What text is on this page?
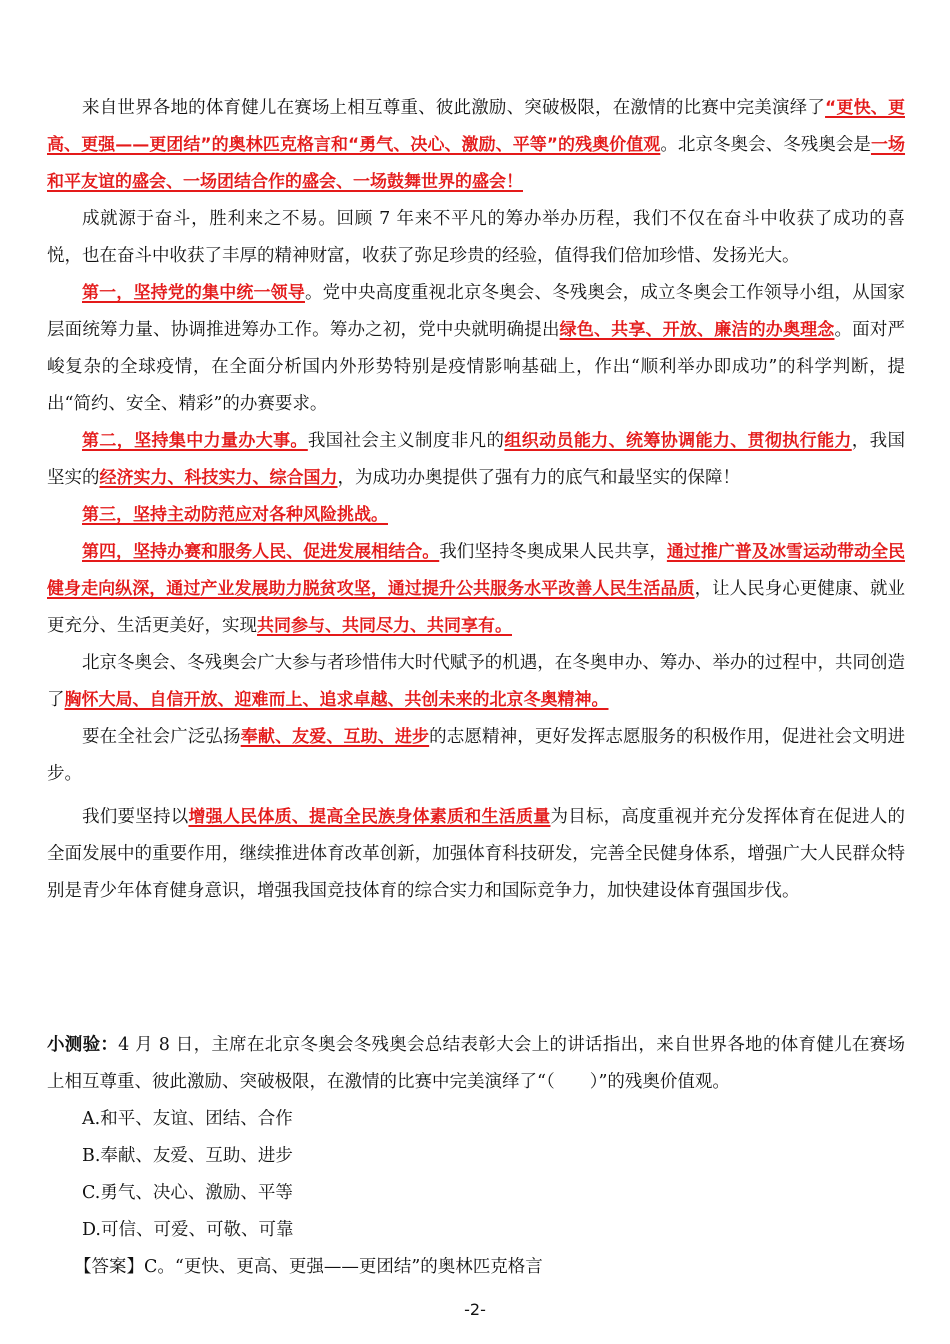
来自世界各地的体育健儿在赛场上相互尊重、彼此激励、突破极限，在激情的比赛中完美演绎了“更快、更高、更强——更团结”的奥林匹克格言和“勇气、决心、激励、平等”的残奥价值观。北京冬奥会、冬残奥会是一场和平友谊的盛会、一场团结合作的盛会、一场鼓舞世界的盛会！

成就源于奋斗，胜利来之不易。回顾 7 年来不平凡的筹办举办历程，我们不仅在奋斗中收获了成功的喜悦，也在奋斗中收获了丰厚的精神财富，收获了弥足珍贵的经验，值得我们倍加珍惜、发扬光大。

第一，坚持党的集中统一领导。党中央高度重视北京冬奥会、冬残奥会，成立冬奥会工作领导小组，从国家层面统筹力量、协调推进筹办工作。筹办之初，党中央就明确提出绿色、共享、开放、廉洁的办奥理念。面对严峻复杂的全球疫情，在全面分析国内外形势特别是疫情影响基础上，作出“顺利举办即成功”的科学判断，提出“简约、安全、精彩”的办赛要求。

第二，坚持集中力量办大事。我国社会主义制度非凡的组织动员能力、统筹协调能力、贯彻执行能力，我国坚实的经济实力、科技实力、综合国力，为成功办奥提供了强有力的底气和最坚实的保障！

第三，坚持主动防范应对各种风险挑战。

第四，坚持办赛和服务人民、促进发展相结合。我们坚持冬奥成果人民共享，通过推广普及冰雪运动带动全民健身走向纵深，通过产业发展助力脱贫攻坚，通过提升公共服务水平改善人民生活品质，让人民身心更健康、就业更充分、生活更美好，实现共同参与、共同尽力、共同享有。

北京冬奥会、冬残奥会广大参与者珍惜伟大时代赋予的机遇，在冬奥申办、筹办、举办的过程中，共同创造了胸怀大局、自信开放、迎难而上、追求卓越、共创未来的北京冬奥精神。

要在全社会广泛弘扬奉献、友爱、互助、进步的志愿精神，更好发挥志愿服务的积极作用，促进社会文明进步。

我们要坚持以增强人民体质、提高全民族身体素质和生活质量为目标，高度重视并充分发挥体育在促进人的全面发展中的重要作用，继续推进体育改革创新，加强体育科技研发，完善全民健身体系，增强广大人民群众特别是青少年体育健身意识，增强我国竞技体育的综合实力和国际竞争力，加快建设体育强国步伐。

小测验：4 月 8 日，主席在北京冬奥会冬残奥会总结表彰大会上的讲话指出，来自世界各地的体育健儿在赛场上相互尊重、彼此激励、突破极限，在激情的比赛中完美演绎了“（　　）”的残奥价值观。

A.和平、友谊、团结、合作

B.奉献、友爱、互助、进步

C.勇气、决心、激励、平等

D.可信、可爱、可敬、可靠

【答案】C。“更快、更高、更强——更团结”的奥林匹克格言

-2-
